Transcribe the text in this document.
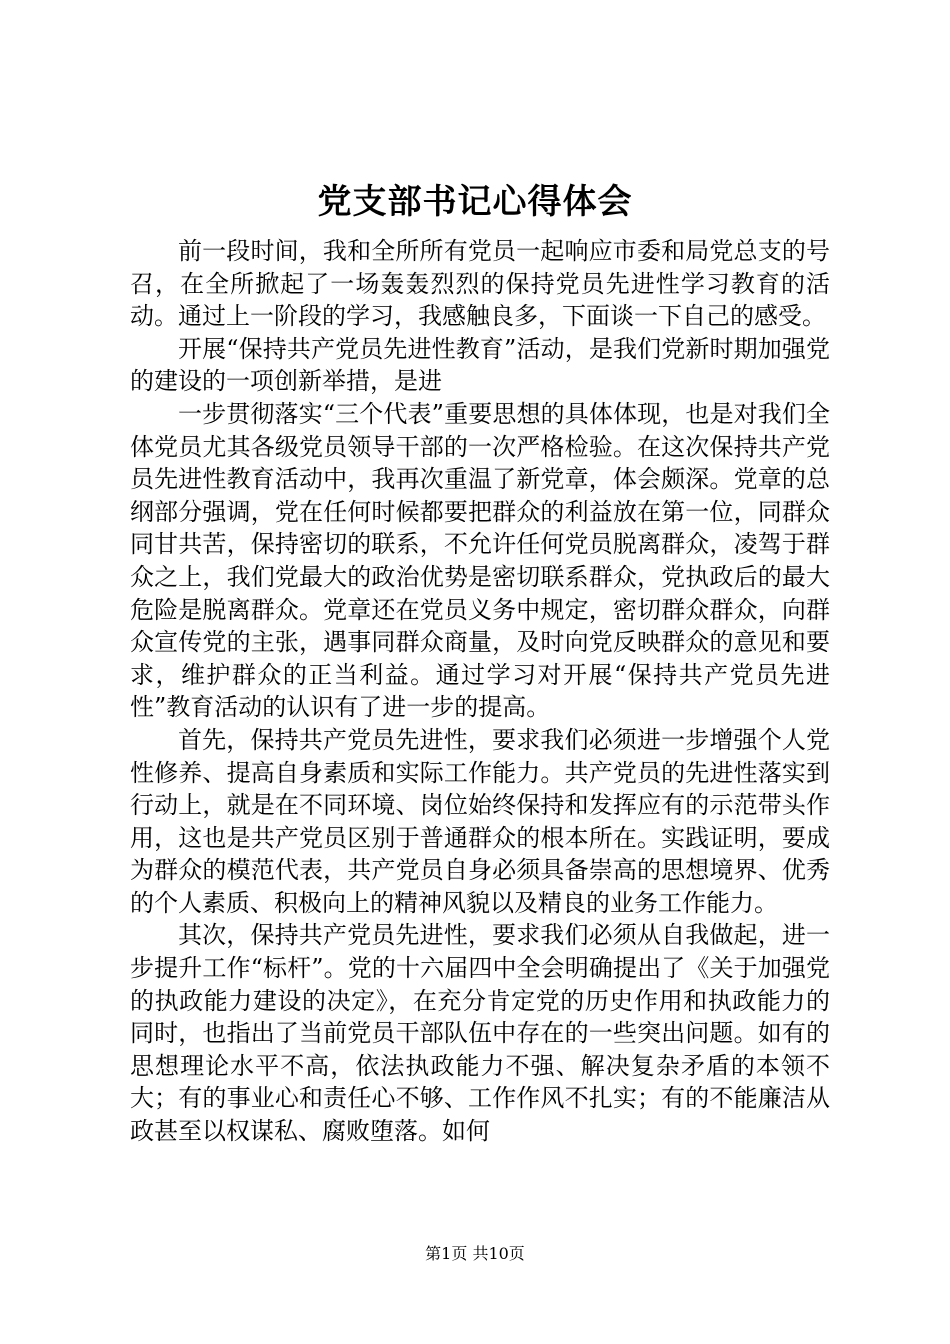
党支部书记心得体会

前一段时间，我和全所所有党员一起响应市委和局党总支的号召，在全所掀起了一场轰轰烈烈的保持党员先进性学习教育的活动。通过上一阶段的学习，我感触良多，下面谈一下自己的感受。

开展“保持共产党员先进性教育”活动，是我们党新时期加强党的建设的一项创新举措，是进

一步贯彻落实“三个代表”重要思想的具体体现，也是对我们全体党员尤其各级党员领导干部的一次严格检验。在这次保持共产党员先进性教育活动中，我再次重温了新党章，体会颇深。党章的总纲部分强调，党在任何时候都要把群众的利益放在第一位，同群众同甘共苦，保持密切的联系，不允许任何党员脱离群众，凌驾于群众之上，我们党最大的政治优势是密切联系群众，党执政后的最大危险是脱离群众。党章还在党员义务中规定，密切群众群众，向群众宣传党的主张，遇事同群众商量，及时向党反映群众的意见和要求，维护群众的正当利益。通过学习对开展“保持共产党员先进性”教育活动的认识有了进一步的提高。

首先，保持共产党员先进性，要求我们必须进一步增强个人党性修养、提高自身素质和实际工作能力。共产党员的先进性落实到行动上，就是在不同环境、岗位始终保持和发挥应有的示范带头作用，这也是共产党员区别于普通群众的根本所在。实践证明，要成为群众的模范代表，共产党员自身必须具备崇高的思想境界、优秀的个人素质、积极向上的精神风貌以及精良的业务工作能力。

其次，保持共产党员先进性，要求我们必须从自我做起，进一步提升工作“标杆”。党的十六届四中全会明确提出了《关于加强党的执政能力建设的决定》，在充分肯定党的历史作用和执政能力的同时，也指出了当前党员干部队伍中存在的一些突出问题。如有的思想理论水平不高，依法执政能力不强、解决复杂矛盾的本领不大；有的事业心和责任心不够、工作作风不扎实；有的不能廉洁从政甚至以权谋私、腐败堕落。如何

第1页 共10页
